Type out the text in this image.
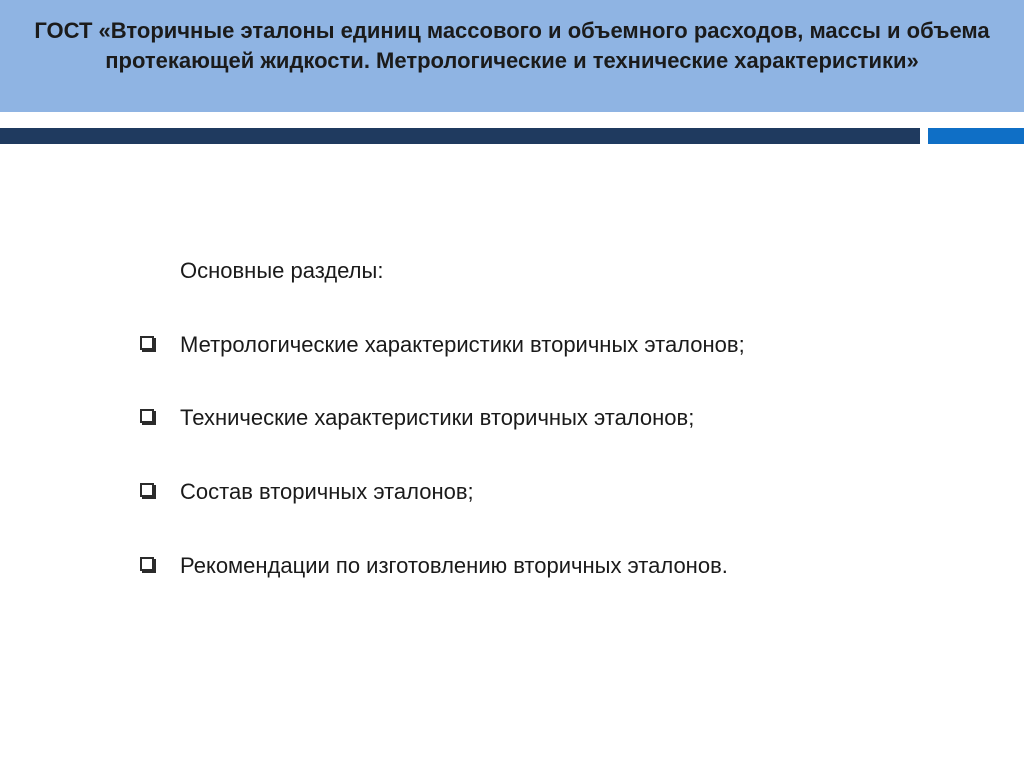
ГОСТ «Вторичные эталоны единиц массового и объемного расходов, массы и объема протекающей жидкости. Метрологические и технические характеристики»

Основные разделы:
Метрологические характеристики вторичных эталонов;
Технические характеристики вторичных эталонов;
Состав вторичных эталонов;
Рекомендации по изготовлению вторичных эталонов.
